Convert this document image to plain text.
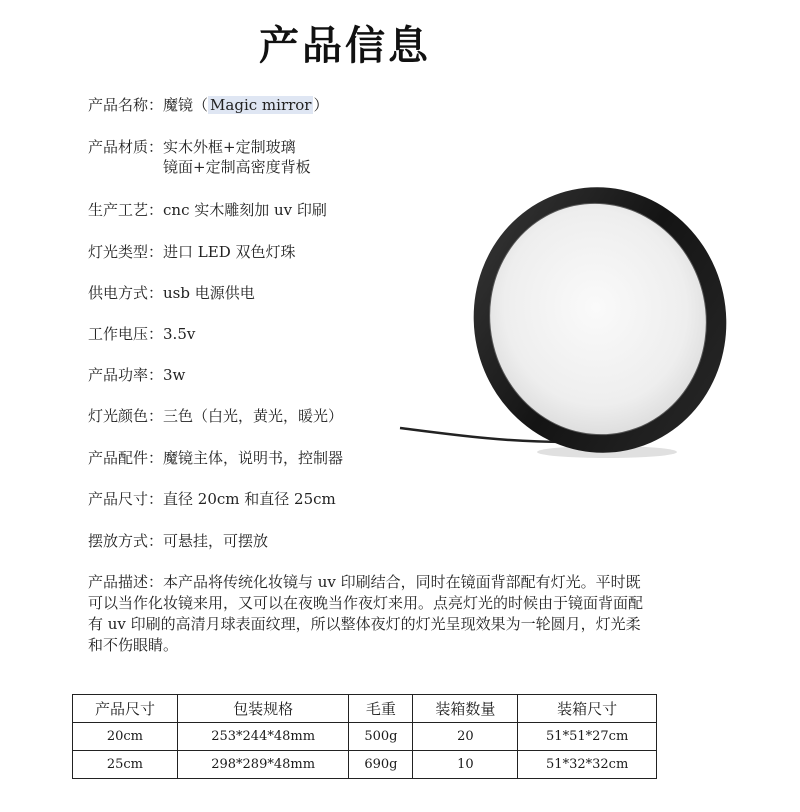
产品信息
产品名称：魔镜（ Magic mirror ）
产品材质：实木外框+定制玻璃
镜面+定制高密度背板
生产工艺：cnc 实木雕刻加 uv 印刷
灯光类型：进口 LED 双色灯珠
供电方式：usb 电源供电
工作电压：3.5v
产品功率：3w
灯光颜色：三色（白光，黄光，暖光）
产品配件：魔镜主体，说明书，控制器
产品尺寸：直径 20cm 和直径 25cm
摆放方式：可悬挂，可摆放
产品描述：本产品将传统化妆镜与 uv 印刷结合，同时在镜面背部配有灯光。平时既可以当作化妆镜来用，又可以在夜晚当作夜灯来用。点亮灯光的时候由于镜面背面配有 uv 印刷的高清月球表面纹理，所以整体夜灯的灯光呈现效果为一轮圆月，灯光柔和不伤眼睛。
产品尺寸	包装规格	毛重	装箱数量	装箱尺寸
20cm	253*244*48mm	500g	20	51*51*27cm
25cm	298*289*48mm	690g	10	51*32*32cm
